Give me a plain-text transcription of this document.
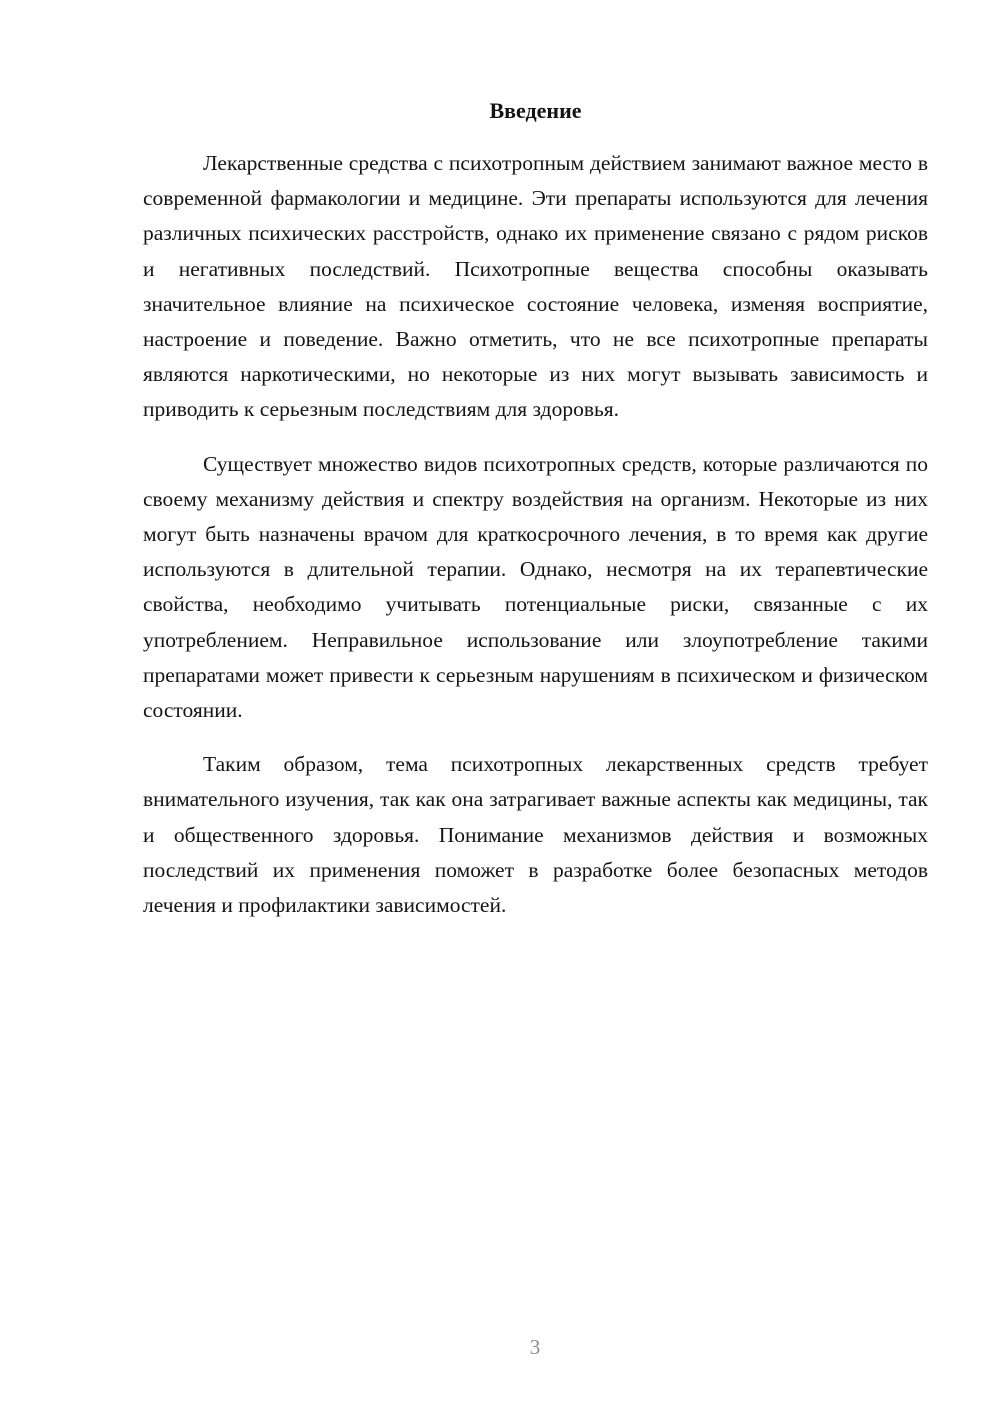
Введение

Лекарственные средства с психотропным действием занимают важное место в современной фармакологии и медицине. Эти препараты используются для лечения различных психических расстройств, однако их применение связано с рядом рисков и негативных последствий. Психотропные вещества способны оказывать значительное влияние на психическое состояние человека, изменяя восприятие, настроение и поведение. Важно отметить, что не все психотропные препараты являются наркотическими, но некоторые из них могут вызывать зависимость и приводить к серьезным последствиям для здоровья.

Существует множество видов психотропных средств, которые различаются по своему механизму действия и спектру воздействия на организм. Некоторые из них могут быть назначены врачом для краткосрочного лечения, в то время как другие используются в длительной терапии. Однако, несмотря на их терапевтические свойства, необходимо учитывать потенциальные риски, связанные с их употреблением. Неправильное использование или злоупотребление такими препаратами может привести к серьезным нарушениям в психическом и физическом состоянии.

Таким образом, тема психотропных лекарственных средств требует внимательного изучения, так как она затрагивает важные аспекты как медицины, так и общественного здоровья. Понимание механизмов действия и возможных последствий их применения поможет в разработке более безопасных методов лечения и профилактики зависимостей.

3
